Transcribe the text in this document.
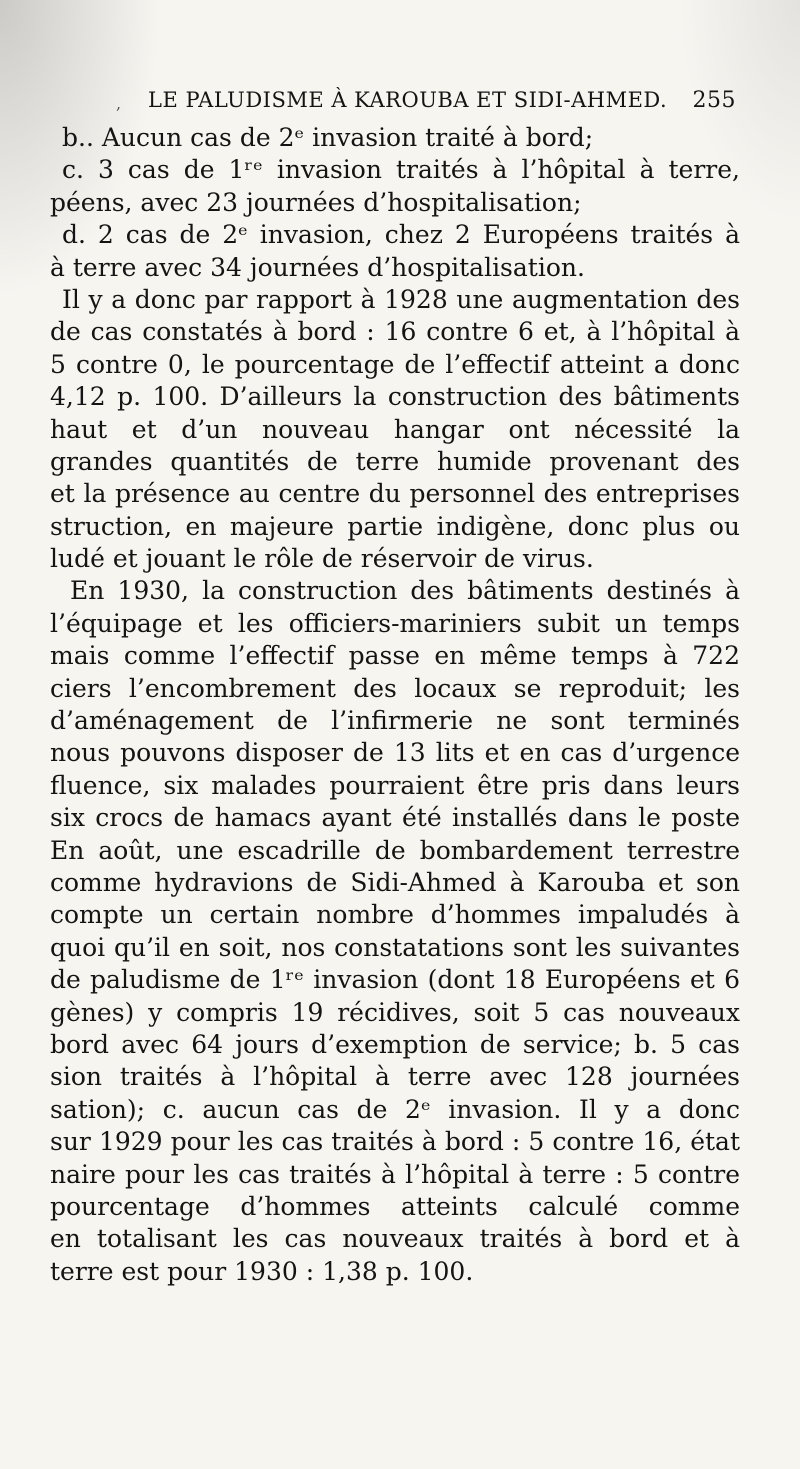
, LE PALUDISME À KAROUBA ET SIDI-AHMED. 255
b.. Aucun cas de 2ᵉ invasion traité à bord;
c. 3 cas de 1ʳᵉ invasion traités à l’hôpital à terre,
péens, avec 23 journées d’hospitalisation;
d. 2 cas de 2ᵉ invasion, chez 2 Européens traités à
à terre avec 34 journées d’hospitalisation.
Il y a donc par rapport à 1928 une augmentation des
de cas constatés à bord : 16 contre 6 et, à l’hôpital à
5 contre 0, le pourcentage de l’effectif atteint a donc
4,12 p. 100. D’ailleurs la construction des bâtiments
haut et d’un nouveau hangar ont nécessité la
grandes quantités de terre humide provenant des
et la présence au centre du personnel des entreprises
struction, en majeure partie indigène, donc plus ou
ludé et jouant le rôle de réservoir de virus.
En 1930, la construction des bâtiments destinés à
l’équipage et les officiers-mariniers subit un temps
mais comme l’effectif passe en même temps à 722
ciers l’encombrement des locaux se reproduit; les
d’aménagement de l’infirmerie ne sont terminés
nous pouvons disposer de 13 lits et en cas d’urgence
fluence, six malades pourraient être pris dans leurs
six crocs de hamacs ayant été installés dans le poste
En août, une escadrille de bombardement terrestre
comme hydravions de Sidi-Ahmed à Karouba et son
compte un certain nombre d’hommes impaludés à
quoi qu’il en soit, nos constatations sont les suivantes
de paludisme de 1ʳᵉ invasion (dont 18 Européens et 6
gènes) y compris 19 récidives, soit 5 cas nouveaux
bord avec 64 jours d’exemption de service; b. 5 cas
sion traités à l’hôpital à terre avec 128 journées
sation); c. aucun cas de 2ᵉ invasion. Il y a donc
sur 1929 pour les cas traités à bord : 5 contre 16, état
naire pour les cas traités à l’hôpital à terre : 5 contre
pourcentage d’hommes atteints calculé comme
en totalisant les cas nouveaux traités à bord et à
terre est pour 1930 : 1,38 p. 100.
